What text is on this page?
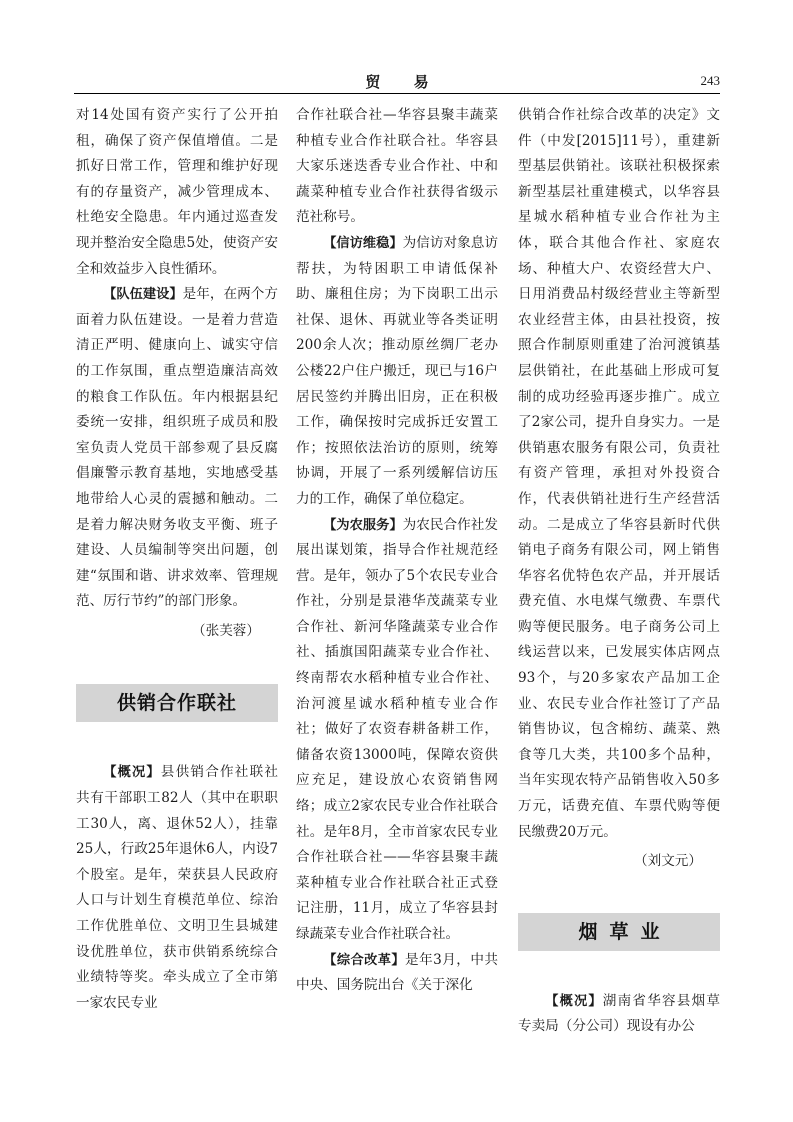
贸 易	243

对14处国有资产实行了公开拍租，确保了资产保值增值。二是抓好日常工作，管理和维护好现有的存量资产，减少管理成本、杜绝安全隐患。年内通过巡查发现并整治安全隐患5处，使资产安全和效益步入良性循环。

【队伍建设】是年，在两个方面着力队伍建设。一是着力营造清正严明、健康向上、诚实守信的工作氛围，重点塑造廉洁高效的粮食工作队伍。年内根据县纪委统一安排，组织班子成员和股室负责人党员干部参观了县反腐倡廉警示教育基地，实地感受基地带给人心灵的震撼和触动。二是着力解决财务收支平衡、班子建设、人员编制等突出问题，创建“氛围和谐、讲求效率、管理规范、厉行节约”的部门形象。

（张芙蓉）

供销合作联社

【概况】县供销合作社联社共有干部职工82人（其中在职职工30人，离、退休52人），挂靠25人，行政25年退休6人，内设7个股室。是年，荣获县人民政府人口与计划生育模范单位、综治工作优胜单位、文明卫生县城建设优胜单位，获市供销系统综合业绩特等奖。牵头成立了全市第一家农民专业

合作社联合社—华容县聚丰蔬菜种植专业合作社联合社。华容县大家乐迷迭香专业合作社、中和蔬菜种植专业合作社获得省级示范社称号。

【信访维稳】为信访对象息访帮扶，为特困职工申请低保补助、廉租住房；为下岗职工出示社保、退休、再就业等各类证明200余人次；推动原丝绸厂老办公楼22户住户搬迁，现已与16户居民签约并腾出旧房，正在积极工作，确保按时完成拆迁安置工作；按照依法治访的原则，统筹协调，开展了一系列缓解信访压力的工作，确保了单位稳定。

【为农服务】为农民合作社发展出谋划策，指导合作社规范经营。是年，领办了5个农民专业合作社，分别是景港华茂蔬菜专业合作社、新河华隆蔬菜专业合作社、插旗国阳蔬菜专业合作社、终南帮农水稻种植专业合作社、治河渡星诚水稻种植专业合作社；做好了农资春耕备耕工作，储备农资13000吨，保障农资供应充足，建设放心农资销售网络；成立2家农民专业合作社联合社。是年8月，全市首家农民专业合作社联合社——华容县聚丰蔬菜种植专业合作社联合社正式登记注册，11月，成立了华容县封绿蔬菜专业合作社联合社。

【综合改革】是年3月，中共中央、国务院出台《关于深化

供销合作社综合改革的决定》文件（中发[2015]11号），重建新型基层供销社。该联社积极探索新型基层社重建模式，以华容县星城水稻种植专业合作社为主体，联合其他合作社、家庭农场、种植大户、农资经营大户、日用消费品村级经营业主等新型农业经营主体，由县社投资，按照合作制原则重建了治河渡镇基层供销社，在此基础上形成可复制的成功经验再逐步推广。成立了2家公司，提升自身实力。一是供销惠农服务有限公司，负责社有资产管理，承担对外投资合作，代表供销社进行生产经营活动。二是成立了华容县新时代供销电子商务有限公司，网上销售华容名优特色农产品，并开展话费充值、水电煤气缴费、车票代购等便民服务。电子商务公司上线运营以来，已发展实体店网点93个，与20多家农产品加工企业、农民专业合作社签订了产品销售协议，包含棉纺、蔬菜、熟食等几大类，共100多个品种，当年实现农特产品销售收入50多万元，话费充值、车票代购等便民缴费20万元。

（刘文元）

烟草业

【概况】湖南省华容县烟草专卖局（分公司）现设有办公
